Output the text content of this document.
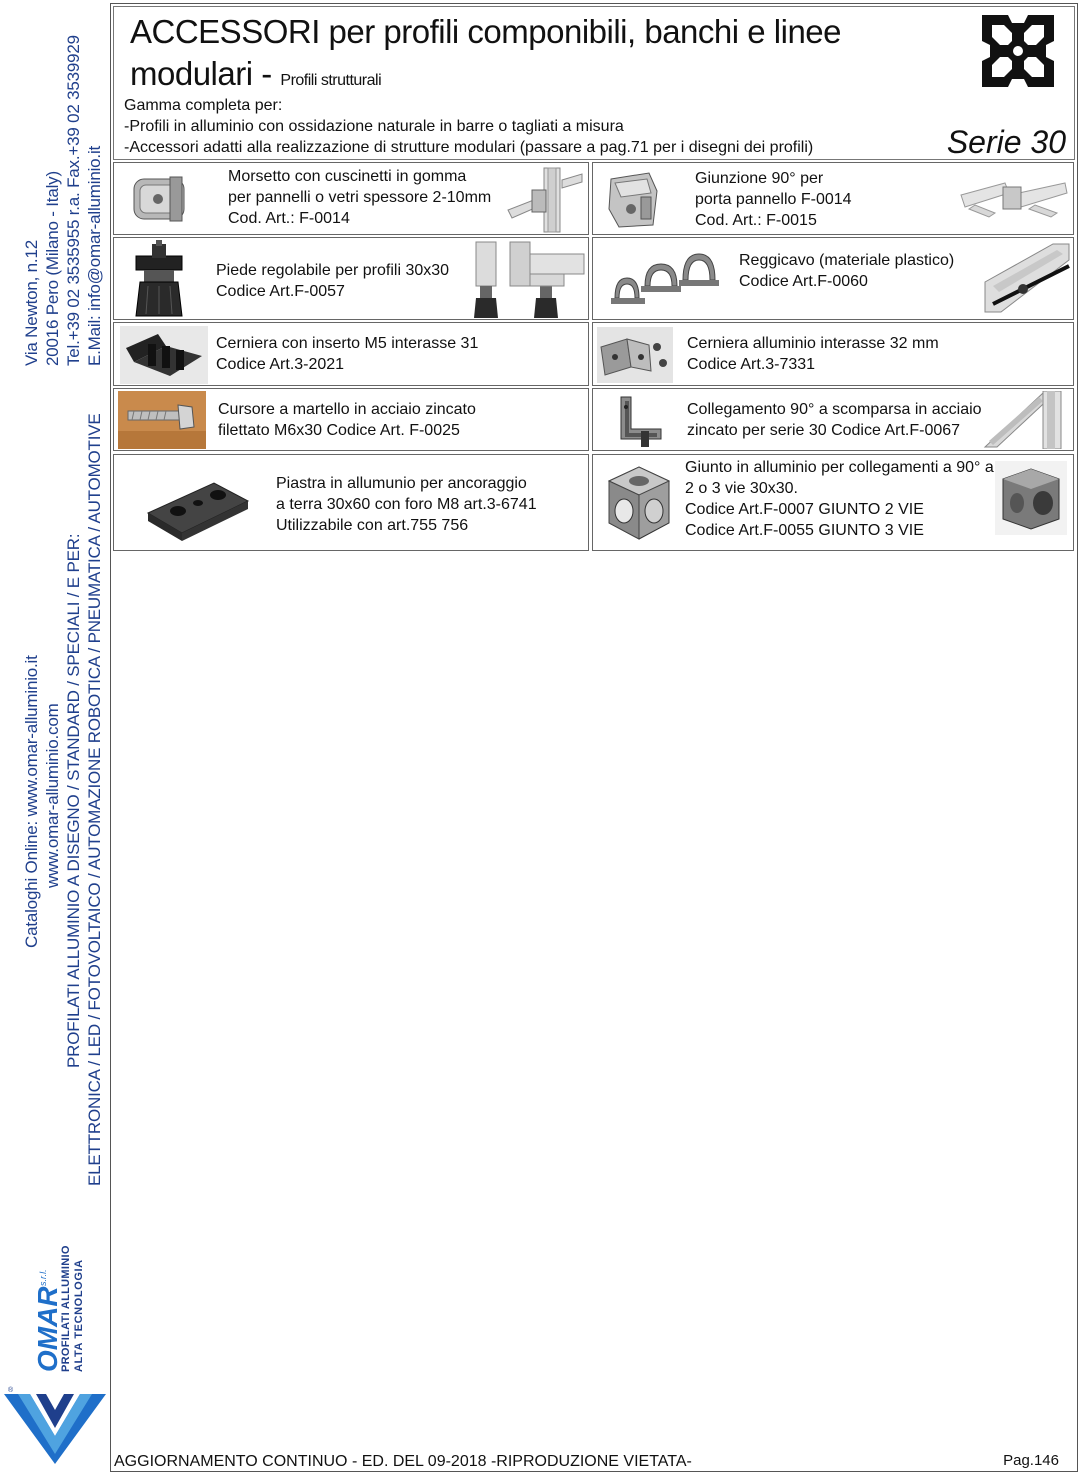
Via Newton, n.12 20016 Pero (Milano - Italy) Tel.+39 02 3535955 r.a. Fax.+39 02 3539929 E.Mail: info@omar-alluminio.it
Cataloghi Online: www.omar-alluminio.it www.omar-alluminio.com PROFILATI ALLUMINIO A DISEGNO / STANDARD / SPECIALI / E PER: ELETTRONICA / LED / FOTOVOLTAICO / AUTOMAZIONE ROBOTICA / PNEUMATICA / AUTOMOTIVE
®
OMAR
s.r.l. PROFILATI ALLUMINIO ALTA TECNOLOGIA
ACCESSORI per profili componibili, banchi e linee
modulari - Profili strutturali
Gamma completa per:
-Profili in alluminio con ossidazione naturale in barre o tagliati a misura
-Accessori adatti alla realizzazione di strutture modulari (passare a pag.71 per i disegni dei profili)	Serie 30
Morsetto con cuscinetti in gomma
per pannelli o vetri spessore 2-10mm
Cod. Art.: F-0014
Giunzione 90° per
porta pannello F-0014
Cod. Art.: F-0015
Piede regolabile per profili 30x30
Codice Art.F-0057
Reggicavo (materiale plastico)
Codice Art.F-0060
Cerniera con inserto M5 interasse 31
Codice Art.3-2021
Cerniera alluminio interasse 32 mm
Codice Art.3-7331
Cursore a martello in acciaio zincato
filettato M6x30 Codice Art. F-0025
Collegamento 90° a scomparsa in acciaio
zincato per serie 30 Codice Art.F-0067
Piastra in allumunio per ancoraggio
a terra 30x60 con foro M8 art.3-6741
Utilizzabile con art.755 756
Giunto in alluminio per collegamenti a 90° a
2 o 3 vie 30x30.
Codice Art.F-0007 GIUNTO 2 VIE
Codice Art.F-0055 GIUNTO 3 VIE
AGGIORNAMENTO CONTINUO - ED. DEL 09-2018 -RIPRODUZIONE VIETATA-	Pag.146
